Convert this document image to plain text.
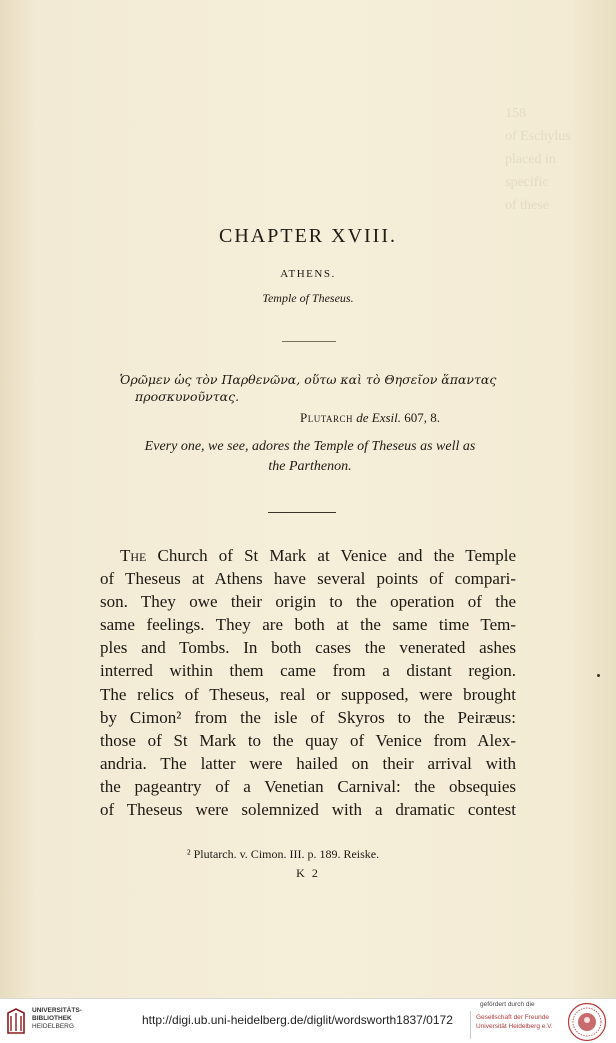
158
of Eschylus
placed in
specific
of these
CHAPTER XVIII.
ATHENS.
Temple of Theseus.
Ὁρῶμεν ὡς τὸν Παρθενῶνα, οὕτω καὶ τὸ Θησεῖον ἅπαντας
προσκυνοῦντας.
Plutarch de Exsil. 607, 8.
Every one, we see, adores the Temple of Theseus as well as
the Parthenon.
The Church of St Mark at Venice and the Temple
of Theseus at Athens have several points of compari-
son. They owe their origin to the operation of the
same feelings. They are both at the same time Tem-
ples and Tombs. In both cases the venerated ashes
interred within them came from a distant region.
The relics of Theseus, real or supposed, were brought
by Cimon² from the isle of Skyros to the Peiræus:
those of St Mark to the quay of Venice from Alex-
andria. The latter were hailed on their arrival with
the pageantry of a Venetian Carnival: the obsequies
of Theseus were solemnized with a dramatic contest
² Plutarch. v. Cimon. III. p. 189. Reiske.
K 2
UNIVERSITÄTS-
BIBLIOTHEK
HEIDELBERG	http://digi.ub.uni-heidelberg.de/diglit/wordsworth1837/0172
gefördert durch die
Gesellschaft der Freunde
Universität Heidelberg e.V.
